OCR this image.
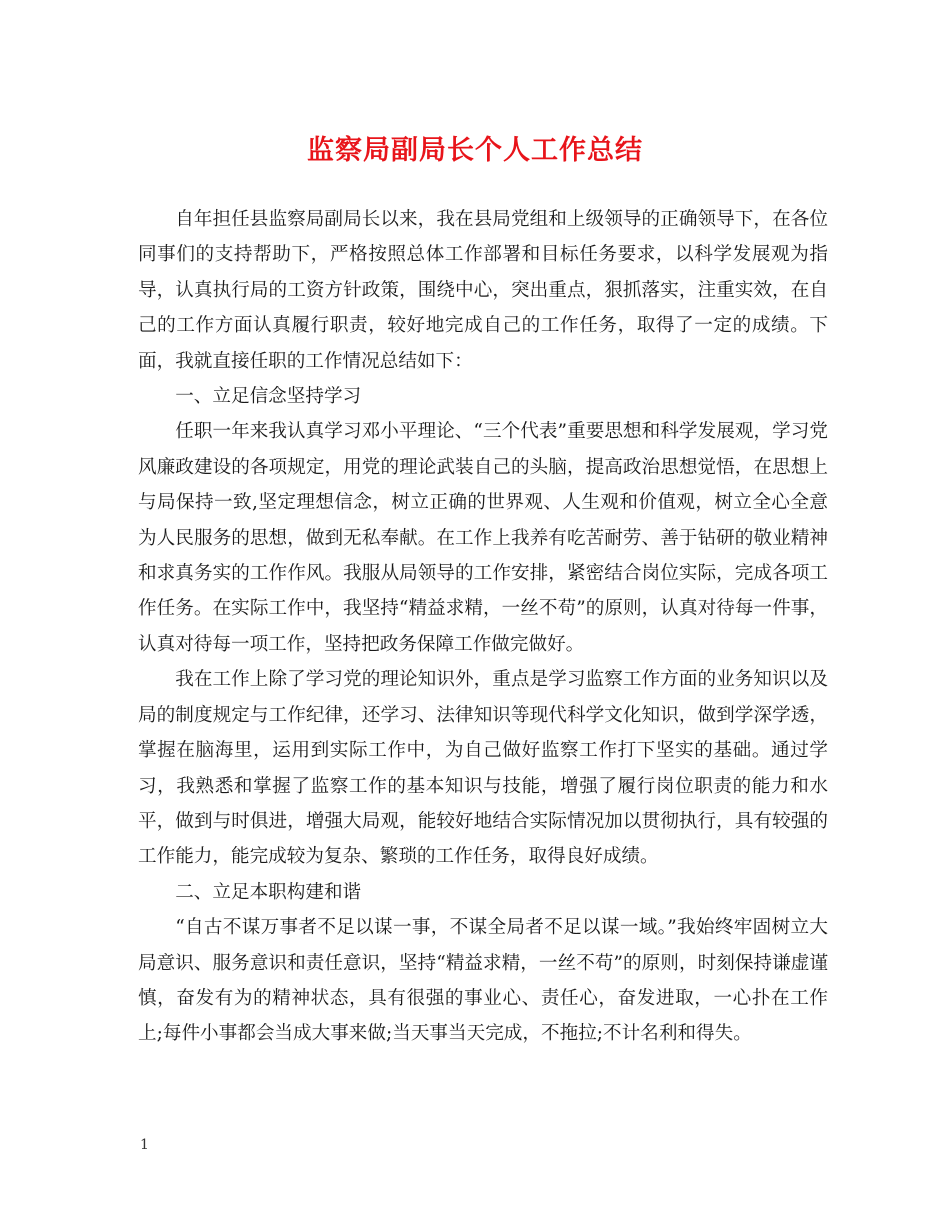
监察局副局长个人工作总结

自年担任县监察局副局长以来，我在县局党组和上级领导的正确领导下，在各位同事们的支持帮助下，严格按照总体工作部署和目标任务要求，以科学发展观为指导，认真执行局的工资方针政策，围绕中心，突出重点，狠抓落实，注重实效，在自己的工作方面认真履行职责，较好地完成自己的工作任务，取得了一定的成绩。下面，我就直接任职的工作情况总结如下：

一、立足信念坚持学习

任职一年来我认真学习邓小平理论、“三个代表”重要思想和科学发展观，学习党风廉政建设的各项规定，用党的理论武装自己的头脑，提高政治思想觉悟，在思想上与局保持一致,坚定理想信念，树立正确的世界观、人生观和价值观，树立全心全意为人民服务的思想，做到无私奉献。在工作上我养有吃苦耐劳、善于钻研的敬业精神和求真务实的工作作风。我服从局领导的工作安排，紧密结合岗位实际，完成各项工作任务。在实际工作中，我坚持“精益求精，一丝不苟”的原则，认真对待每一件事，认真对待每一项工作，坚持把政务保障工作做完做好。

我在工作上除了学习党的理论知识外，重点是学习监察工作方面的业务知识以及局的制度规定与工作纪律，还学习、法律知识等现代科学文化知识，做到学深学透，掌握在脑海里，运用到实际工作中，为自己做好监察工作打下坚实的基础。通过学习，我熟悉和掌握了监察工作的基本知识与技能，增强了履行岗位职责的能力和水平，做到与时俱进，增强大局观，能较好地结合实际情况加以贯彻执行，具有较强的工作能力，能完成较为复杂、繁琐的工作任务，取得良好成绩。

二、立足本职构建和谐

“自古不谋万事者不足以谋一事，不谋全局者不足以谋一域。”我始终牢固树立大局意识、服务意识和责任意识，坚持“精益求精，一丝不苟”的原则，时刻保持谦虚谨慎，奋发有为的精神状态，具有很强的事业心、责任心，奋发进取，一心扑在工作上;每件小事都会当成大事来做;当天事当天完成，不拖拉;不计名利和得失。

1
